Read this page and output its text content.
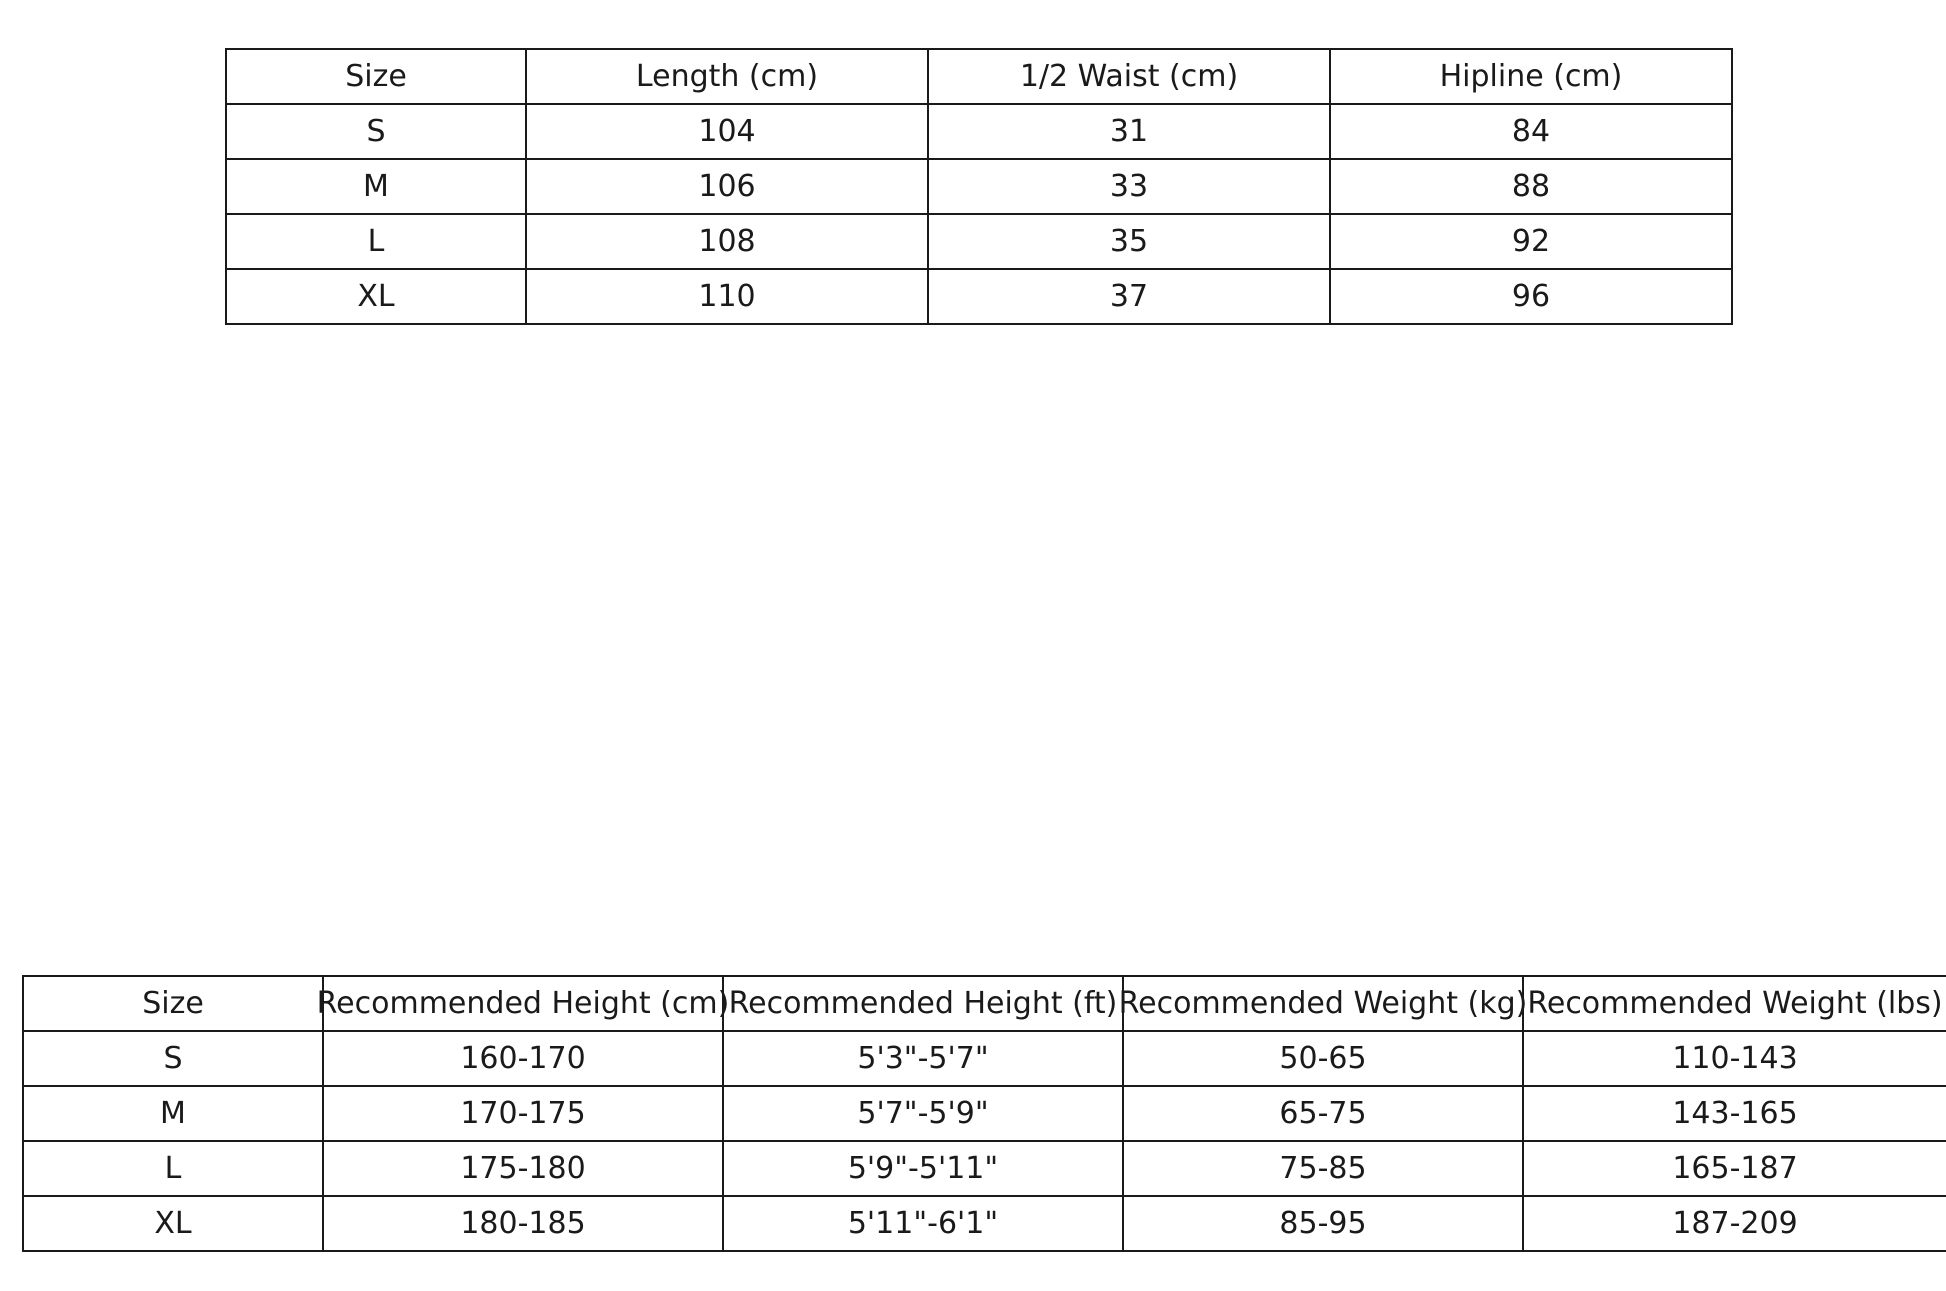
Size	Length (cm)	1/2 Waist (cm)	Hipline (cm)
S	104	31	84
M	106	33	88
L	108	35	92
XL	110	37	96
Size	Recommended Height (cm)	Recommended Height (ft)	Recommended Weight (kg)	Recommended Weight (lbs)

S	160-170	5'3"-5'7"	50-65	110-143
M	170-175	5'7"-5'9"	65-75	143-165
L	175-180	5'9"-5'11"	75-85	165-187
XL	180-185	5'11"-6'1"	85-95	187-209
